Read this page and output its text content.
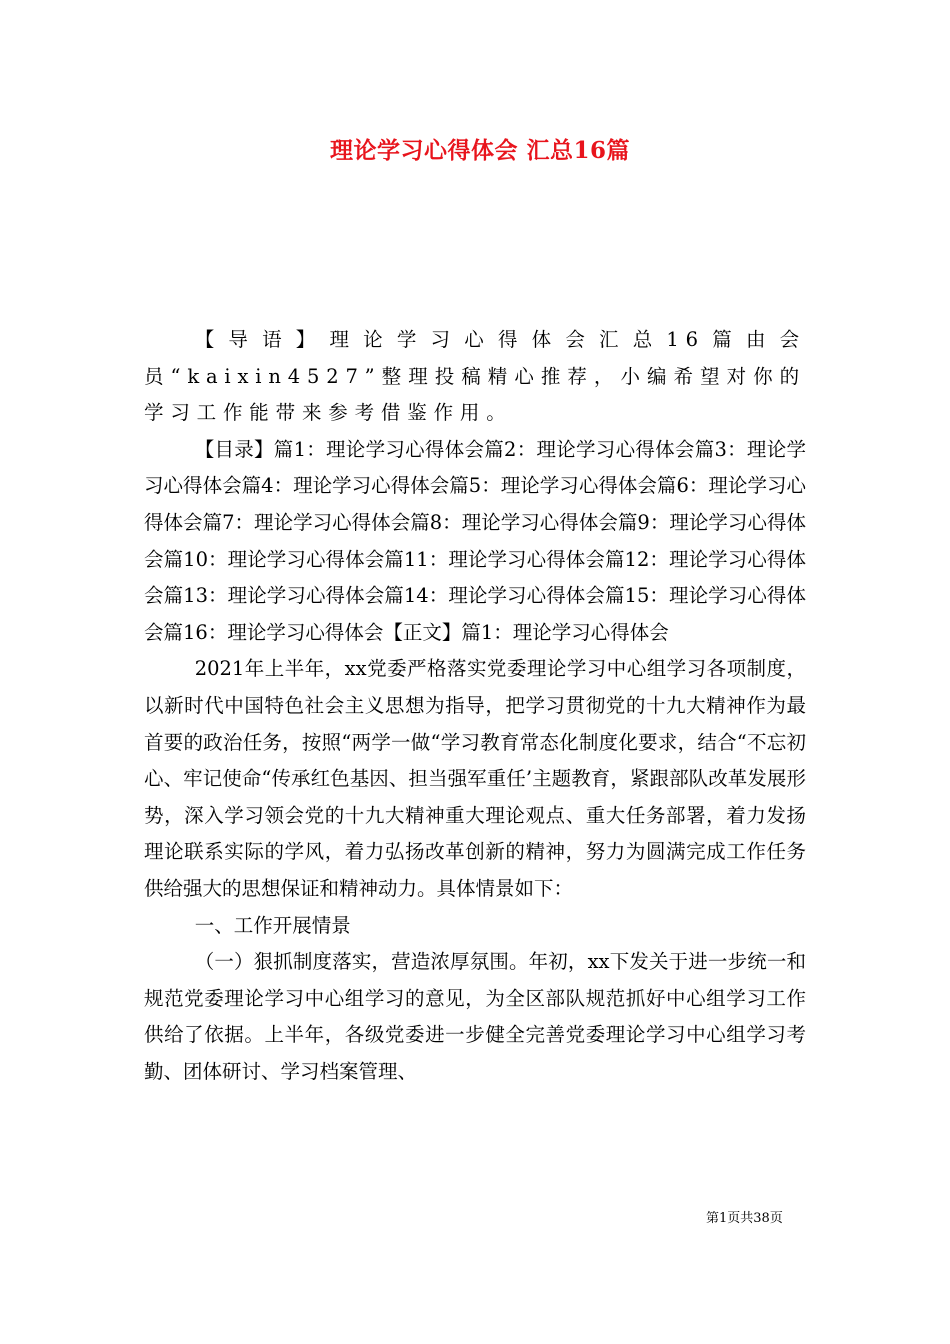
理论学习心得体会 汇总16篇

【导语】理论学习心得体会汇总16篇由会员“kaixin4527”整理投稿精心推荐，小编希望对你的学习工作能带来参考借鉴作用。

【目录】篇1：理论学习心得体会篇2：理论学习心得体会篇3：理论学习心得体会篇4：理论学习心得体会篇5：理论学习心得体会篇6：理论学习心得体会篇7：理论学习心得体会篇8：理论学习心得体会篇9：理论学习心得体会篇10：理论学习心得体会篇11：理论学习心得体会篇12：理论学习心得体会篇13：理论学习心得体会篇14：理论学习心得体会篇15：理论学习心得体会篇16：理论学习心得体会【正文】篇1：理论学习心得体会

2021年上半年，xx党委严格落实党委理论学习中心组学习各项制度，以新时代中国特色社会主义思想为指导，把学习贯彻党的十九大精神作为最首要的政治任务，按照“两学一做“学习教育常态化制度化要求，结合“不忘初心、牢记使命“传承红色基因、担当强军重任’主题教育，紧跟部队改革发展形势，深入学习领会党的十九大精神重大理论观点、重大任务部署，着力发扬理论联系实际的学风，着力弘扬改革创新的精神，努力为圆满完成工作任务供给强大的思想保证和精神动力。具体情景如下：

一、工作开展情景

（一）狠抓制度落实，营造浓厚氛围。年初，xx下发关于进一步统一和规范党委理论学习中心组学习的意见，为全区部队规范抓好中心组学习工作供给了依据。上半年，各级党委进一步健全完善党委理论学习中心组学习考勤、团体研讨、学习档案管理、

第1页共38页
